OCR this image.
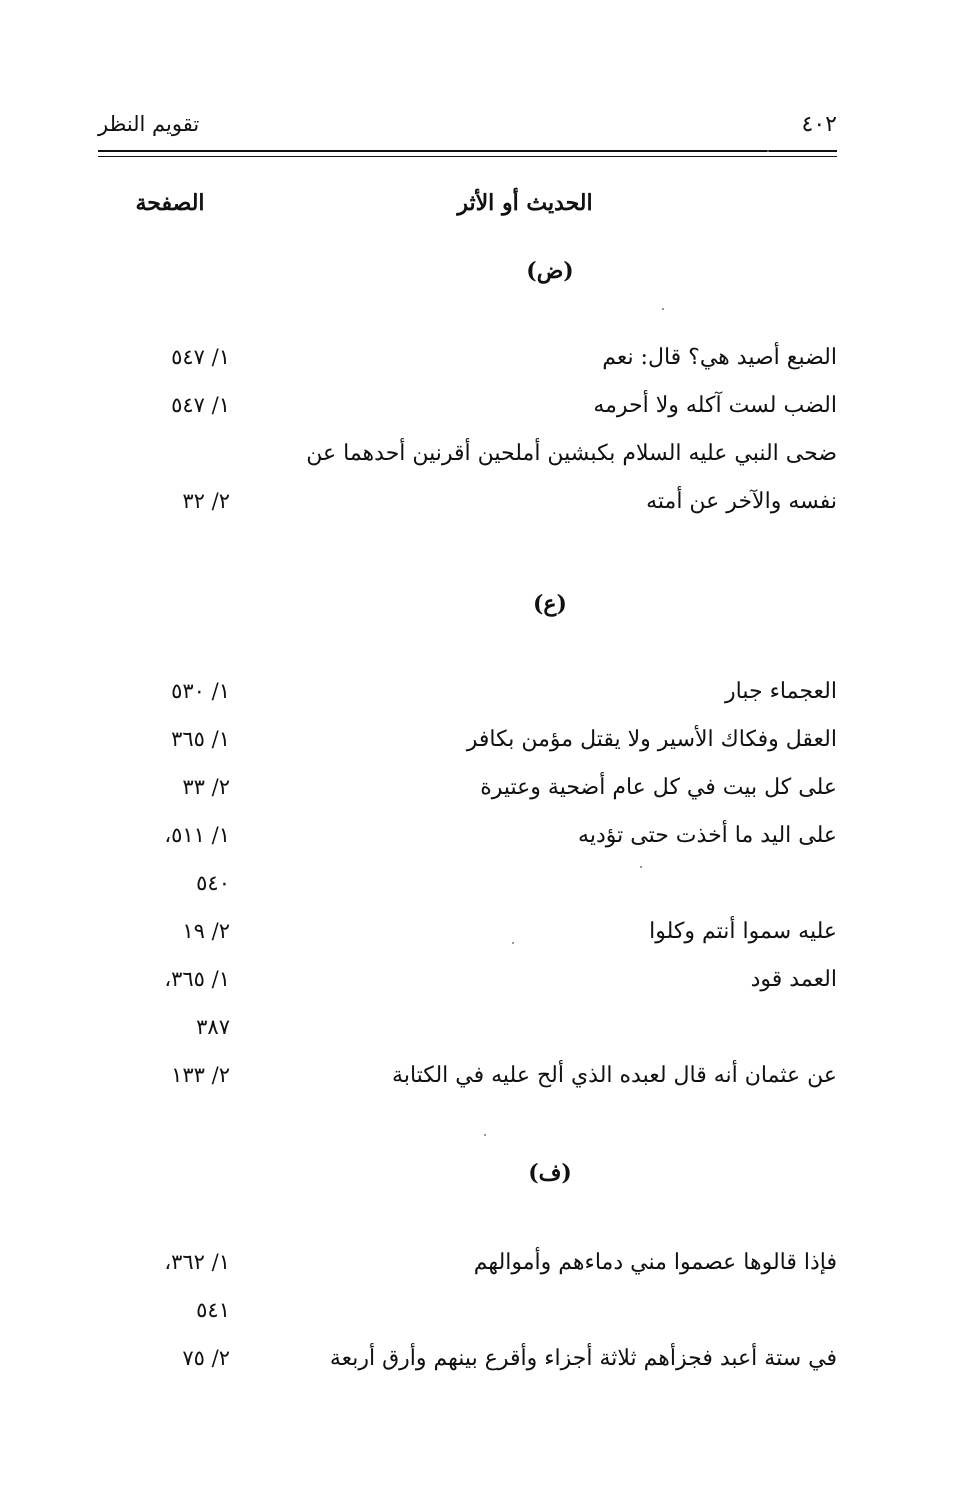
تقويم النظر	٤٠٢
الحديث أو الأثر
الصفحة
(ض)
الضبع أصيد هي؟ قال: نعم
١/ ٥٤٧
الضب لست آكله ولا أحرمه
١/ ٥٤٧
ضحى النبي عليه السلام بكبشين أملحين أقرنين أحدهما عن
نفسه والآخر عن أمته
٢/ ٣٢
(ع)
العجماء جبار
١/ ٥٣٠
العقل وفكاك الأسير ولا يقتل مؤمن بكافر
١/ ٣٦٥
على كل بيت في كل عام أضحية وعتيرة
٢/ ٣٣
على اليد ما أخذت حتى تؤديه
١/ ٥١١،
٥٤٠
عليه سموا أنتم وكلوا
٢/ ١٩
العمد قود
١/ ٣٦٥،
٣٨٧
عن عثمان أنه قال لعبده الذي ألح عليه في الكتابة
٢/ ١٣٣
(ف)
فإذا قالوها عصموا مني دماءهم وأموالهم
١/ ٣٦٢،
٥٤١
في ستة أعبد فجزأهم ثلاثة أجزاء وأقرع بينهم وأرق أربعة
٢/ ٧٥
